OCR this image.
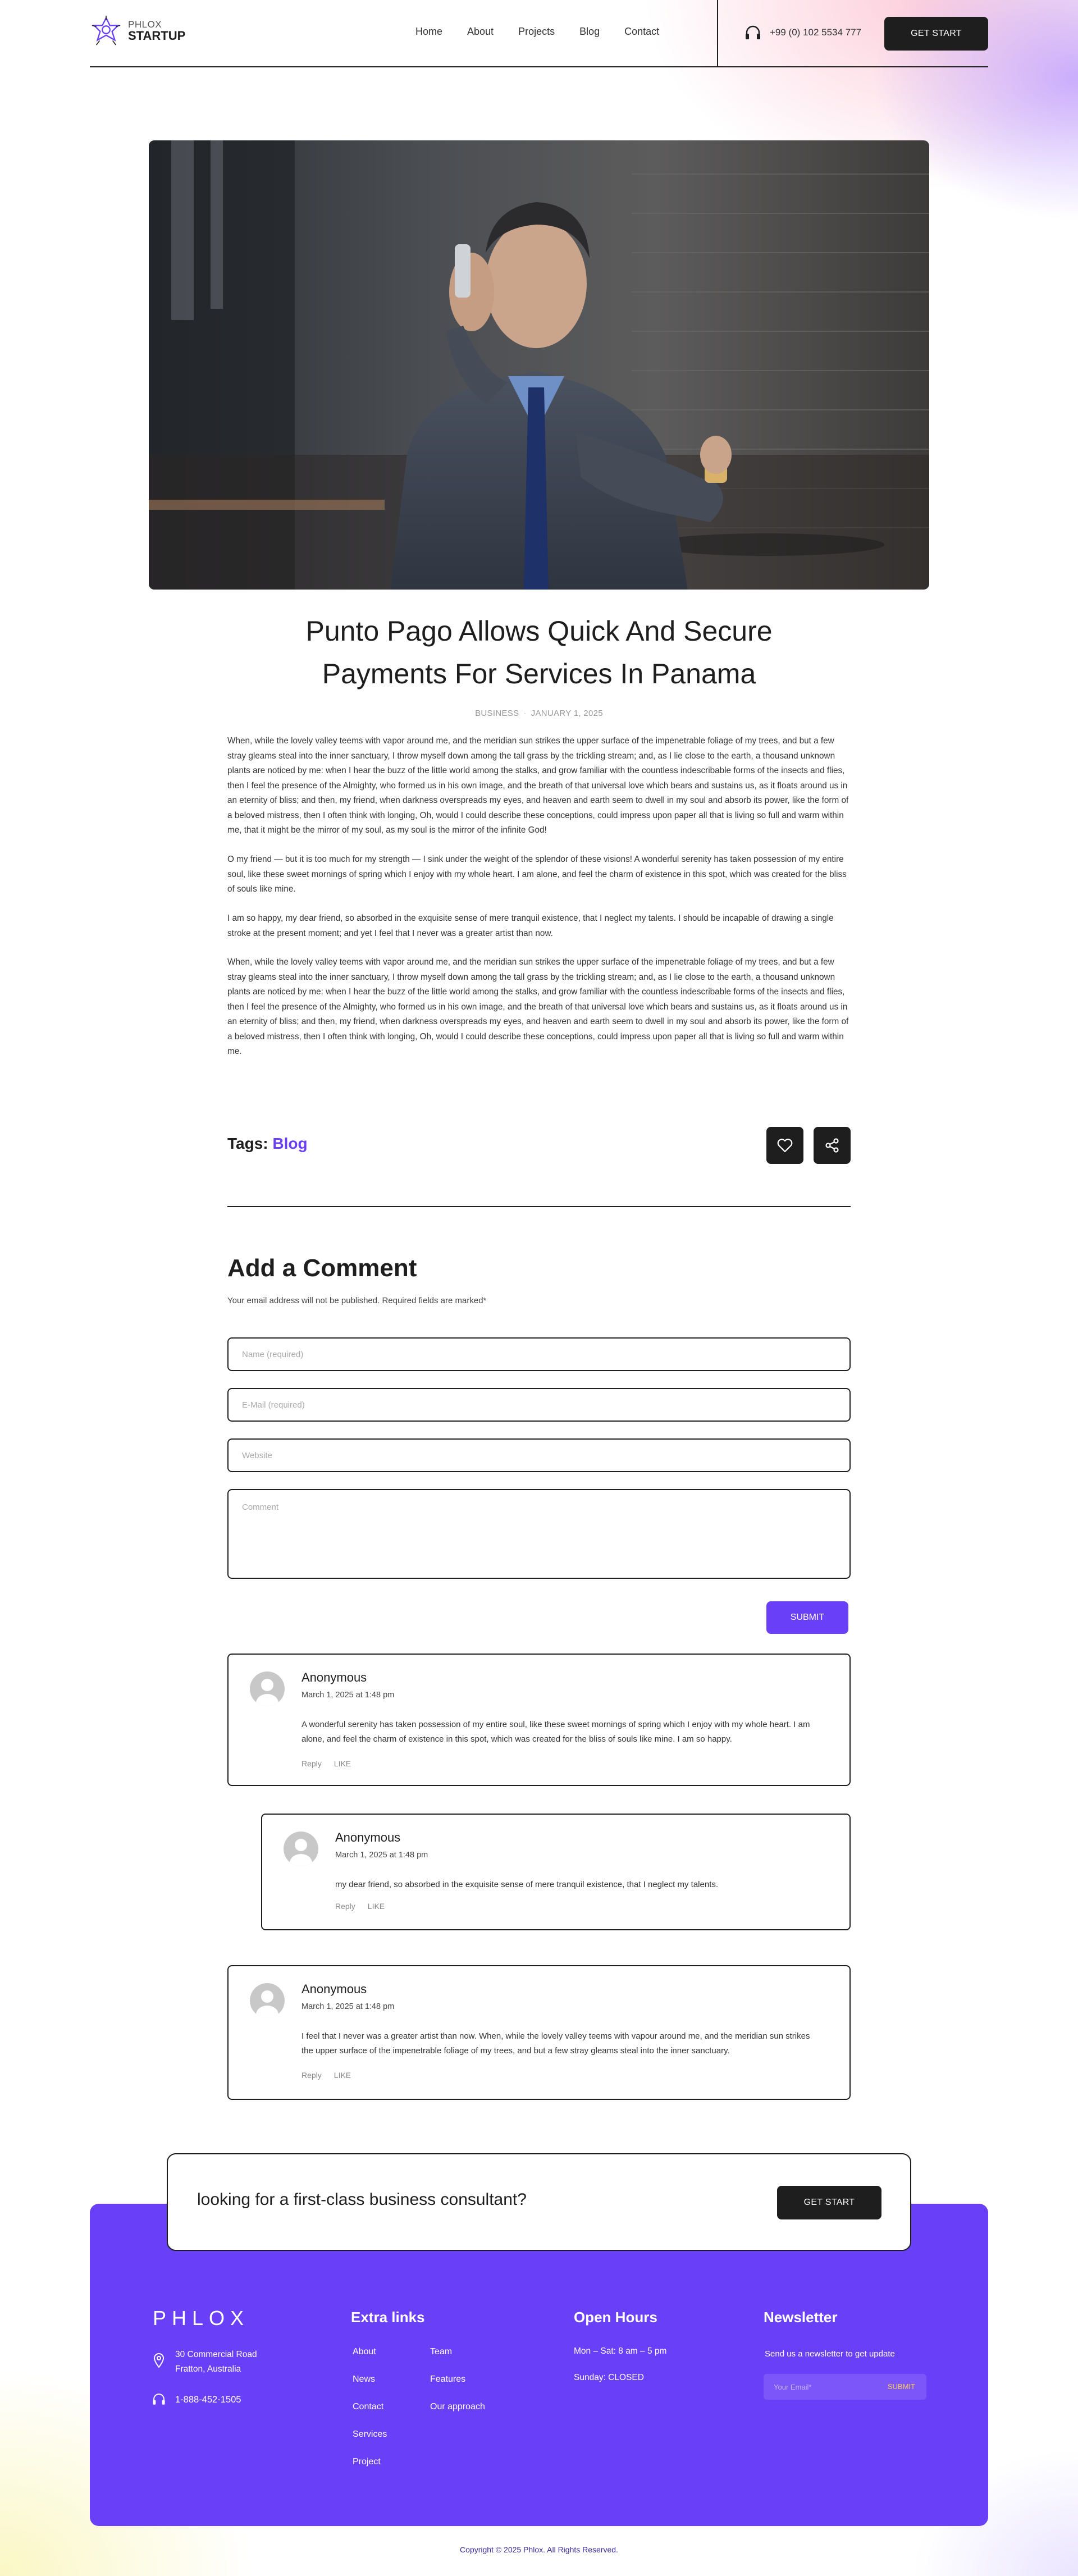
PHLOX
STARTUP	Home About Projects Blog Contact	+99 (0) 102 5534 777	GET START
Punto Pago Allows Quick And Secure
Payments For Services In Panama
BUSINESS · JANUARY 1, 2025

When, while the lovely valley teems with vapor around me, and the meridian sun strikes the upper surface of the impenetrable foliage of my trees, and but a few stray gleams steal into the inner sanctuary, I throw myself down among the tall grass by the trickling stream; and, as I lie close to the earth, a thousand unknown plants are noticed by me: when I hear the buzz of the little world among the stalks, and grow familiar with the countless indescribable forms of the insects and flies, then I feel the presence of the Almighty, who formed us in his own image, and the breath of that universal love which bears and sustains us, as it floats around us in an eternity of bliss; and then, my friend, when darkness overspreads my eyes, and heaven and earth seem to dwell in my soul and absorb its power, like the form of a beloved mistress, then I often think with longing, Oh, would I could describe these conceptions, could impress upon paper all that is living so full and warm within me, that it might be the mirror of my soul, as my soul is the mirror of the infinite God!

O my friend — but it is too much for my strength — I sink under the weight of the splendor of these visions! A wonderful serenity has taken possession of my entire soul, like these sweet mornings of spring which I enjoy with my whole heart. I am alone, and feel the charm of existence in this spot, which was created for the bliss of souls like mine.

I am so happy, my dear friend, so absorbed in the exquisite sense of mere tranquil existence, that I neglect my talents. I should be incapable of drawing a single stroke at the present moment; and yet I feel that I never was a greater artist than now.

When, while the lovely valley teems with vapor around me, and the meridian sun strikes the upper surface of the impenetrable foliage of my trees, and but a few stray gleams steal into the inner sanctuary, I throw myself down among the tall grass by the trickling stream; and, as I lie close to the earth, a thousand unknown plants are noticed by me: when I hear the buzz of the little world among the stalks, and grow familiar with the countless indescribable forms of the insects and flies, then I feel the presence of the Almighty, who formed us in his own image, and the breath of that universal love which bears and sustains us, as it floats around us in an eternity of bliss; and then, my friend, when darkness overspreads my eyes, and heaven and earth seem to dwell in my soul and absorb its power, like the form of a beloved mistress, then I often think with longing, Oh, would I could describe these conceptions, could impress upon paper all that is living so full and warm within me.

Tags: Blog
Add a Comment
Your email address will not be published. Required fields are marked*
Name (required)
E-Mail (required)
Website
Comment
SUBMIT
Anonymous
March 1, 2025 at 1:48 pm
A wonderful serenity has taken possession of my entire soul, like these sweet mornings of spring which I enjoy with my whole heart. I am alone, and feel the charm of existence in this spot, which was created for the bliss of souls like mine. I am so happy.
Reply LIKE
Anonymous
March 1, 2025 at 1:48 pm
my dear friend, so absorbed in the exquisite sense of mere tranquil existence, that I neglect my talents.
Reply LIKE
Anonymous
March 1, 2025 at 1:48 pm
I feel that I never was a greater artist than now. When, while the lovely valley teems with vapour around me, and the meridian sun strikes the upper surface of the impenetrable foliage of my trees, and but a few stray gleams steal into the inner sanctuary.
Reply LIKE
looking for a first-class business consultant?	GET START
PHLOX
30 Commercial Road
Fratton, Australia
1-888-452-1505
Extra links
About
News
Contact
Services
Project
Team
Features
Our approach
Open Hours
Mon – Sat: 8 am – 5 pm
Sunday: CLOSED
Newsletter
Send us a newsletter to get update
Your Email*
SUBMIT
Copyright © 2025 Phlox. All Rights Reserved.
